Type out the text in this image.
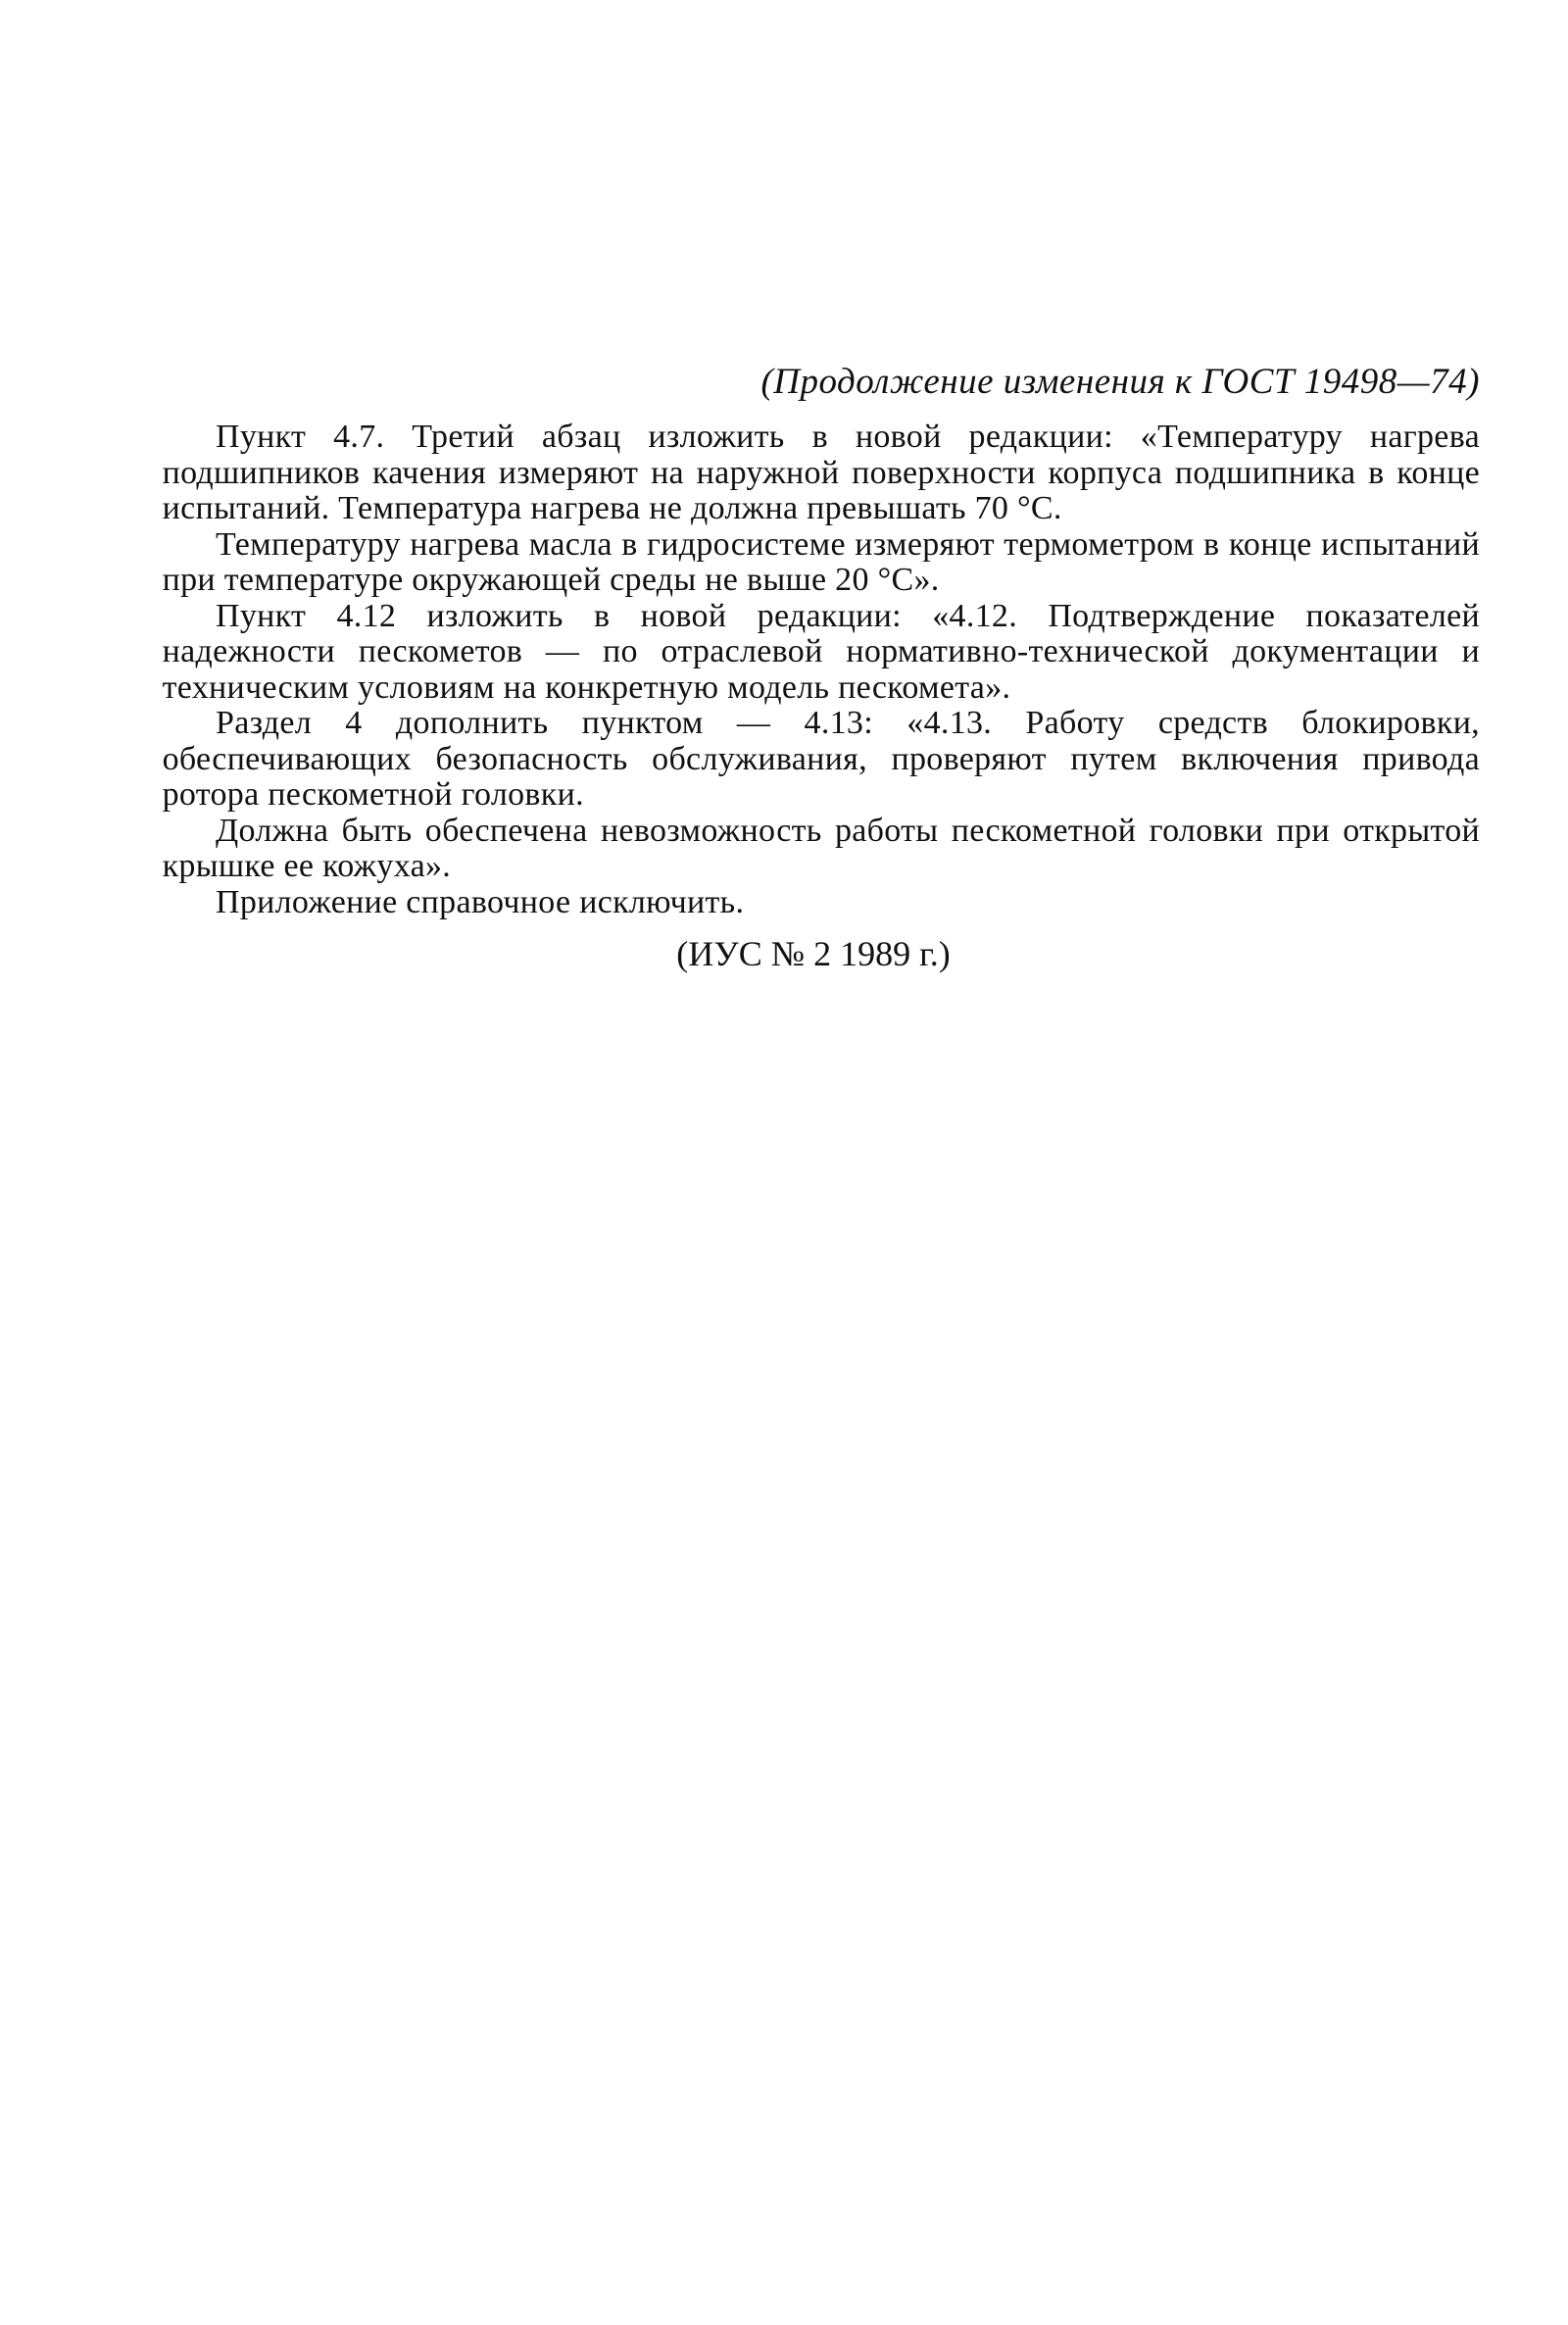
(Продолжение изменения к ГОСТ 19498—74)

Пункт 4.7. Третий абзац изложить в новой редакции: «Температуру нагрева подшипников качения измеряют на наружной поверхности корпуса подшипника в конце испытаний. Температура нагрева не должна превышать 70 °С.

Температуру нагрева масла в гидросистеме измеряют термометром в конце испытаний при температуре окружающей среды не выше 20 °С».

Пункт 4.12 изложить в новой редакции: «4.12. Подтверждение показателей надежности пескометов — по отраслевой нормативно-технической документации и техническим условиям на конкретную модель пескомета».

Раздел 4 дополнить пунктом — 4.13: «4.13. Работу средств блокировки, обеспечивающих безопасность обслуживания, проверяют путем включения привода ротора пескометной головки.

Должна быть обеспечена невозможность работы пескометной головки при открытой крышке ее кожуха».

Приложение справочное исключить.

(ИУС № 2 1989 г.)
